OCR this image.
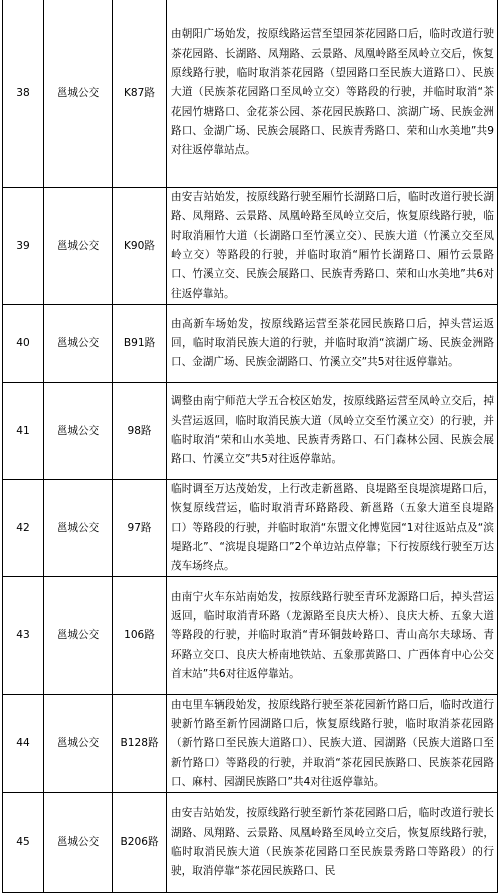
38	邕城公交	K87路	由朝阳广场始发，按原线路运营至望园茶花园路口后，临时改道行驶茶花园路、长湖路、凤翔路、云景路、凤凰岭路至凤岭立交后，恢复原线路行驶，临时取消茶花园路（望园路口至民族大道路口）、民族大道（民族茶花园路口至凤岭立交）等路段的行驶，并临时取消“茶花园竹塘路口、金花茶公园、茶花园民族路口、滨湖广场、民族金洲路口、金湖广场、民族会展路口、民族青秀路口、荣和山水美地”共9对往返停靠站点。
39	邕城公交	K90路	由安吉站始发，按原线路行驶至厢竹长湖路口后，临时改道行驶长湖路、凤翔路、云景路、凤凰岭路至凤岭立交后，恢复原线路行驶，临时取消厢竹大道（长湖路口至竹溪立交）、民族大道（竹溪立交至凤岭立交）等路段的行驶，并临时取消“厢竹长湖路口、厢竹云景路口、竹溪立交、民族会展路口、民族青秀路口、荣和山水美地”共6对往返停靠站。
40	邕城公交	B91路	由高新车场始发，按原线路运营至茶花园民族路口后，掉头营运返回，临时取消民族大道的行驶，并临时取消“滨湖广场、民族金洲路口、金湖广场、民族金湖路口、竹溪立交”共5对往返停靠站。
41	邕城公交	98路	调整由南宁师范大学五合校区始发，按原线路运营至凤岭立交后，掉头营运返回，临时取消民族大道（凤岭立交至竹溪立交）的行驶，并临时取消“荣和山水美地、民族青秀路口、石门森林公园、民族会展路口、竹溪立交”共5对往返停靠站。
42	邕城公交	97路	临时调至万达茂始发，上行改走新邕路、良堤路至良堤滨堤路口后，恢复原线营运，临时取消青环路路段、新邕路（五象大道至良堤路口）等路段的行驶，并临时取消“东盟文化博览园“1对往返站点及“滨堤路北”、“滨堤良堤路口”2个单边站点停靠；下行按原线行驶至万达茂车场终点。
43	邕城公交	106路	由南宁火车东站南始发，按原线路行驶至青环龙源路口后，掉头营运返回，临时取消青环路（龙源路至良庆大桥）、良庆大桥、五象大道等路段的行驶，并临时取消“青环铜鼓岭路口、青山高尔夫球场、青环路立交口、良庆大桥南地铁站、五象那黄路口、广西体育中心公交首末站”共6对往返停靠站。
44	邕城公交	B128路	由屯里车辆段始发，按原线路行驶至茶花园新竹路口后，临时改道行驶新竹路至新竹园湖路口后，恢复原线路行驶，临时取消茶花园路（新竹路口至民族大道路口）、民族大道、园湖路（民族大道路口至新竹路口）等路段的行驶，并取消“茶花园民族路口、民族茶花园路口、麻村、园湖民族路口”共4对往返停靠站。
45	邕城公交	B206路	由安吉站始发，按原线路行驶至新竹茶花园路口后，临时改道行驶长湖路、凤翔路、云景路、凤凰岭路至凤岭立交后，恢复原线路行驶，临时取消民族大道（民族茶花园路口至民族景秀路口等路段）的行驶，取消停靠“茶花园民族路口、民
